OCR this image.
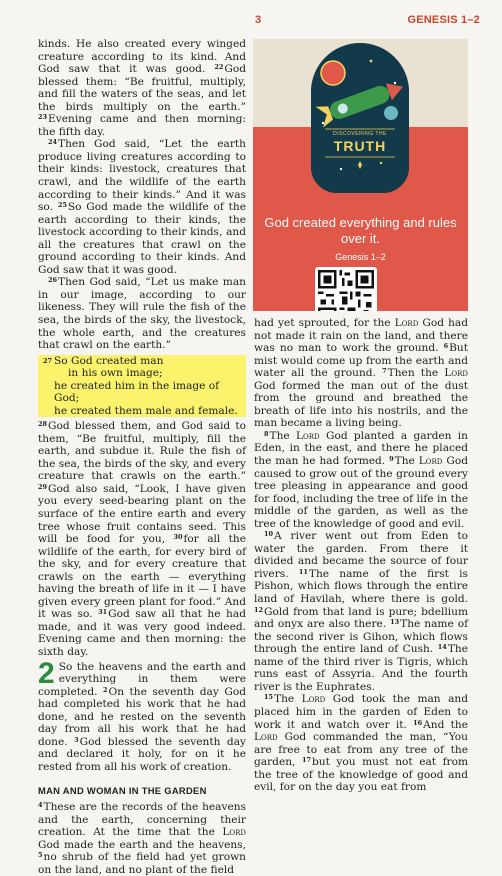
3	GENESIS 1–2

kinds. He also created every winged creature according to its kind. And God saw that it was good. $^{22}$God blessed them: “Be fruitful, multiply, and fill the waters of the seas, and let the birds multiply on the earth.” $^{23}$Evening came and then morning: the fifth day.

$^{24}$Then God said, “Let the earth produce living creatures according to their kinds: livestock, creatures that crawl, and the wildlife of the earth according to their kinds.” And it was so. $^{25}$So God made the wildlife of the earth according to their kinds, the livestock according to their kinds, and all the creatures that crawl on the ground according to their kinds. And God saw that it was good.

$^{26}$Then God said, “Let us make man in our image, according to our likeness. They will rule the fish of the sea, the birds of the sky, the livestock, the whole earth, and the creatures that crawl on the earth.”

27 So God created man
in his own image;
he created him in the image of God;
he created them male and female.

$^{28}$God blessed them, and God said to them, “Be fruitful, multiply, fill the earth, and subdue it. Rule the fish of the sea, the birds of the sky, and every creature that crawls on the earth.” $^{29}$God also said, “Look, I have given you every seed-bearing plant on the surface of the entire earth and every tree whose fruit contains seed. This will be food for you, $^{30}$for all the wildlife of the earth, for every bird of the sky, and for every creature that crawls on the earth — everything having the breath of life in it — I have given every green plant for food.” And it was so. $^{31}$God saw all that he had made, and it was very good indeed. Evening came and then morning: the sixth day.

2 So the heavens and the earth and everything in them were completed. $^2$On the seventh day God had completed his work that he had done, and he rested on the seventh day from all his work that he had done. $^3$God blessed the seventh day and declared it holy, for on it he rested from all his work of creation.

MAN AND WOMAN IN THE GARDEN

$^4$These are the records of the heavens and the earth, concerning their creation. At the time that the Lord God made the earth and the heavens, $^5$no shrub of the field had yet grown on the land, and no plant of the field

DISCOVERING THE
TRUTH
God created everything and rules over it.
Genesis 1–2

had yet sprouted, for the Lord God had not made it rain on the land, and there was no man to work the ground. $^6$But mist would come up from the earth and water all the ground. $^7$Then the Lord God formed the man out of the dust from the ground and breathed the breath of life into his nostrils, and the man became a living being.

$^8$The Lord God planted a garden in Eden, in the east, and there he placed the man he had formed. $^9$The Lord God caused to grow out of the ground every tree pleasing in appearance and good for food, including the tree of life in the middle of the garden, as well as the tree of the knowledge of good and evil.

$^{10}$A river went out from Eden to water the garden. From there it divided and became the source of four rivers. $^{11}$The name of the first is Pishon, which flows through the entire land of Havilah, where there is gold. $^{12}$Gold from that land is pure; bdellium and onyx are also there. $^{13}$The name of the second river is Gihon, which flows through the entire land of Cush. $^{14}$The name of the third river is Tigris, which runs east of Assyria. And the fourth river is the Euphrates.

$^{15}$The Lord God took the man and placed him in the garden of Eden to work it and watch over it. $^{16}$And the Lord God commanded the man, “You are free to eat from any tree of the garden, $^{17}$but you must not eat from the tree of the knowledge of good and evil, for on the day you eat from
